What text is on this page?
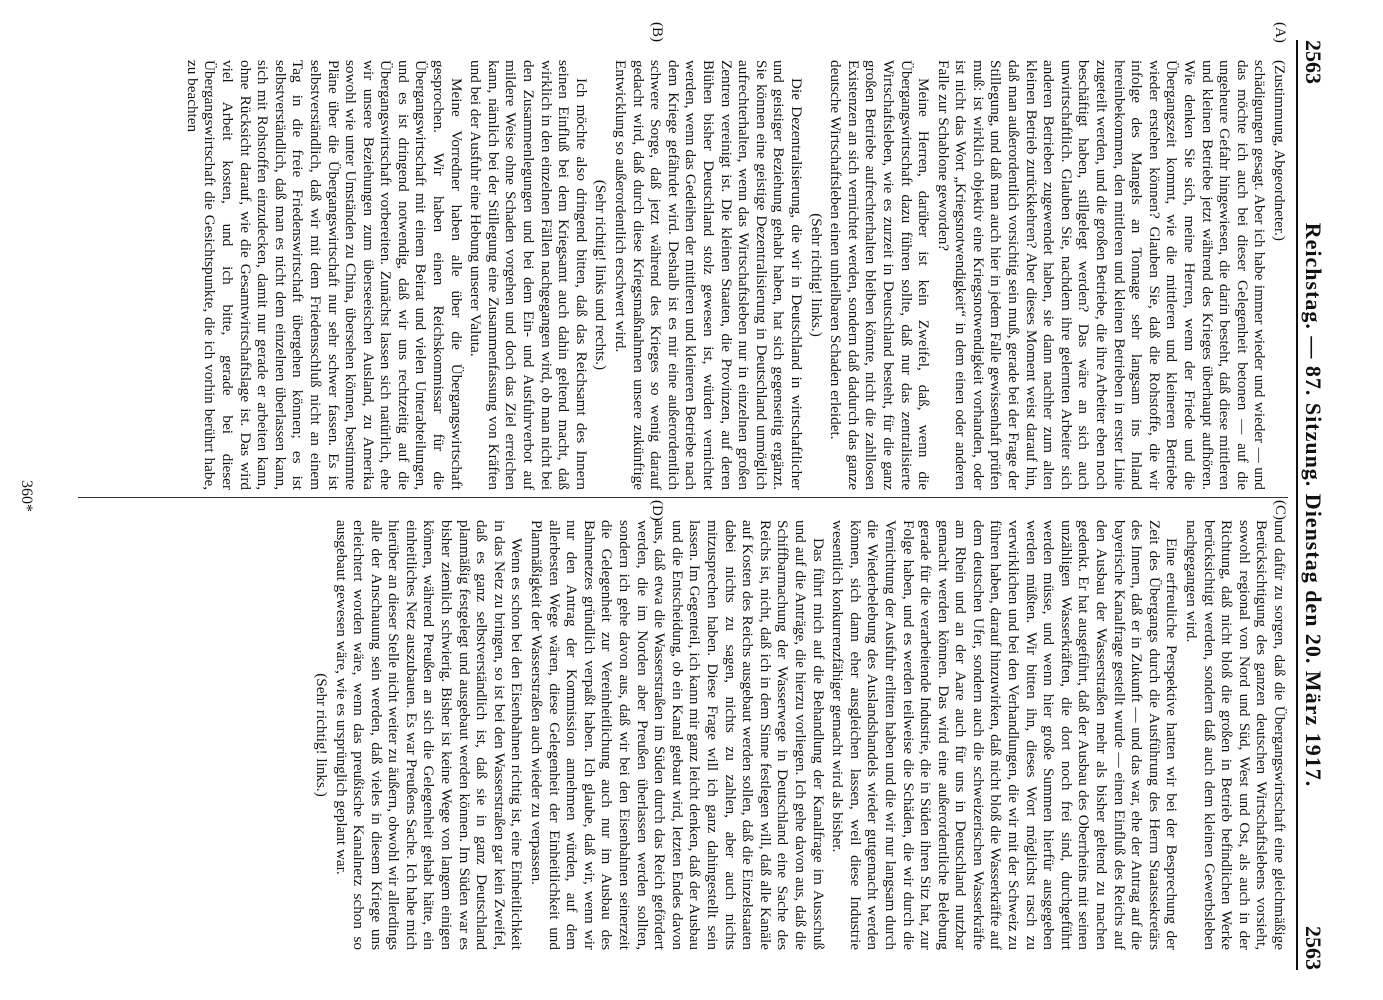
2563
Reichstag. — 87. Sitzung. Dienstag den 20. März 1917.
2563
(A)
(B)
(C)
(D)

(Zustimmung, Abgeordneter.)

schädigungen gesagt. Aber ich habe immer wieder und wieder — und das möchte ich auch bei dieser Gelegenheit betonen — auf die ungeheure Gefahr hingewiesen, die darin besteht, daß diese mittleren und kleinen Betriebe jetzt während des Krieges überhaupt aufhören. Wie denken Sie sich, meine Herren, wenn der Friede und die Übergangszeit kommt, wie die mittleren und kleineren Betriebe wieder erstehen können? Glauben Sie, daß die Rohstoffe, die wir infolge des Mangels an Tonnage sehr langsam ins Inland hereinbekommen, den mittleren und kleinen Betrieben in erster Linie zugeteilt werden, und die großen Betriebe, die ihre Arbeiter eben noch beschäftigt haben, stillgelegt werden? Das wäre an sich auch unwirtschaftlich. Glauben Sie, nachdem ihre gelernten Arbeiter sich anderen Betrieben zugewendet haben, sie dann nachher zum alten kleinen Betrieb zurückkehren? Aber dieses Moment weist darauf hin, daß man außerordentlich vorsichtig sein muß, gerade bei der Frage der Stillegung, und daß man auch hier in jedem Falle gewissenhaft prüfen muß: ist wirklich objektiv eine Kriegsnotwendigkeit vorhanden, oder ist nicht das Wort „Kriegsnotwendigkeit“ in dem einen oder anderen Falle zur Schablone geworden?

Meine Herren, darüber ist kein Zweifel, daß, wenn die Übergangswirtschaft dazu führen sollte, daß nur das zentralisierte Wirtschaftsleben, wie es zurzeit in Deutschland besteht, für die ganz großen Betriebe aufrechterhalten bleiben könnte, nicht die zahllosen Existenzen an sich vernichtet werden, sondern daß dadurch das ganze deutsche Wirtschaftsleben einen unheilbaren Schaden erleidet.

(Sehr richtig! links.)

Die Dezentralisierung, die wir in Deutschland in wirtschaftlicher und geistiger Beziehung gehabt haben, hat sich gegenseitig ergänzt. Sie können eine geistige Dezentralisierung in Deutschland unmöglich aufrechterhalten, wenn das Wirtschaftsleben nur in einzelnen großen Zentren vereinigt ist. Die kleinen Staaten, die Provinzen, auf deren Blühen bisher Deutschland stolz gewesen ist, würden vernichtet werden, wenn das Gedeihen der mittleren und kleineren Betriebe nach dem Kriege gefährdet wird. Deshalb ist es mir eine außerordentlich schwere Sorge, daß jetzt während des Krieges so wenig darauf gedacht wird, daß durch diese Kriegsmaßnahmen unsere zukünftige Entwicklung so außerordentlich erschwert wird.

(Sehr richtig! links und rechts.)

Ich möchte also dringend bitten, daß das Reichsamt des Innern seinen Einfluß bei dem Kriegsamt auch dahin geltend macht, daß wirklich in den einzelnen Fällen nachgegangen wird, ob man nicht bei den Zusammenlegungen und bei dem Ein- und Ausfuhrverbot auf mildere Weise ohne Schaden vorgehen und doch das Ziel erreichen kann, nämlich bei der Stillegung eine Zusammenfassung von Kräften und bei der Ausfuhr eine Hebung unserer Valuta.

Meine Vorredner haben alle über die Übergangswirtschaft gesprochen. Wir haben einen Reichskommissar für die Übergangswirtschaft mit einem Beirat und vielen Unterabteilungen, und es ist dringend notwendig, daß wir uns rechtzeitig auf die Übergangswirtschaft vorbereiten. Zunächst lassen sich natürlich, ehe wir unsere Beziehungen zum überseeischen Ausland, zu Amerika sowohl wie unter Umständen zu China, übersehen können, bestimmte Pläne über die Übergangswirtschaft nur sehr schwer fassen. Es ist selbstverständlich, daß wir mit dem Friedensschluß nicht an einem Tag in die freie Friedenswirtschaft übergehen können; es ist selbstverständlich, daß man es nicht dem einzelnen überlassen kann, sich mit Rohstoffen einzudecken, damit nur gerade er arbeiten kann, ohne Rücksicht darauf, wie die Gesamtwirtschaftslage ist. Das wird viel Arbeit kosten, und ich bitte, gerade bei dieser Übergangswirtschaft die Gesichtspunkte, die ich vorhin berührt habe, zu beachten

und dafür zu sorgen, daß die Übergangswirtschaft eine gleichmäßige Berücksichtigung des ganzen deutschen Wirtschaftslebens vorsieht, sowohl regional von Nord und Süd, West und Ost, als auch in der Richtung, daß nicht bloß die großen in Betrieb befindlichen Werke berücksichtigt werden, sondern daß auch dem kleinen Gewerbsleben nachgegangen wird.

Eine erfreuliche Perspektive hatten wir bei der Besprechung der Zeit des Übergangs durch die Ausführung des Herrn Staatssekretärs des Innern, daß er in Zukunft — und das war, ehe der Antrag auf die bayerische Kanalfrage gestellt wurde — einen Einfluß des Reichs auf den Ausbau der Wasserstraßen mehr als bisher geltend zu machen gedenkt. Er hat ausgeführt, daß der Ausbau des Oberrheins mit seinen unzähligen Wasserkräften, die dort noch frei sind, durchgeführt werden müsse, und wenn hier große Summen hierfür ausgegeben werden müßten. Wir bitten ihn, dieses Wort möglichst rasch zu verwirklichen und bei den Verhandlungen, die wir mit der Schweiz zu führen haben, darauf hinzuwirken, daß nicht bloß die Wasserkräfte auf dem deutschen Ufer, sondern auch die schweizerischen Wasserkräfte am Rhein und an der Aare auch für uns in Deutschland nutzbar gemacht werden können. Das wird eine außerordentliche Belebung gerade für die verarbeitende Industrie, die in Süden ihren Sitz hat, zur Folge haben, und es werden teilweise die Schäden, die wir durch die Vernichtung der Ausfuhr erlitten haben und die wir nur langsam durch die Wiederbelebung des Auslandshandels wieder gutgemacht werden können, sich dann eher ausgleichen lassen, weil diese Industrie wesentlich konkurrenzfähiger gemacht wird als bisher.

Das führt mich auf die Behandlung der Kanalfrage im Ausschuß und auf die Anträge, die hierzu vorliegen. Ich gehe davon aus, daß die Schiffbarmachung der Wasserwege in Deutschland eine Sache des Reichs ist, nicht, daß ich in dem Sinne festlegen will, daß alle Kanäle auf Kosten des Reichs ausgebaut werden sollen, daß die Einzelstaaten dabei nichts zu sagen, nichts zu zahlen, aber auch nichts mitzusprechen haben. Diese Frage will ich ganz dahingestellt sein lassen. Im Gegenteil, ich kann mir ganz leicht denken, daß der Ausbau und die Entscheidung, ob ein Kanal gebaut wird, letzten Endes davon aus, daß etwa die Wasserstraßen im Süden durch das Reich gefördert werden, die im Norden aber Preußen überlassen werden sollten, sondern ich gehe davon aus, daß wir bei den Eisenbahnen seinerzeit die Gelegenheit zur Vereinheitlichung auch nur im Ausbau des Bahnnetzes gründlich verpaßt haben. Ich glaube, daß wir, wenn wir nur den Antrag der Kommission annehmen würden, auf dem allerbesten Wege wären, diese Gelegenheit der Einheitlichkeit und Planmäßigkeit der Wasserstraßen auch wieder zu verpassen.

Wenn es schon bei den Eisenbahnen richtig ist, eine Einheitlichkeit in das Netz zu bringen, so ist bei den Wasserstraßen gar kein Zweifel, daß es ganz selbstverständlich ist, daß sie in ganz Deutschland planmäßig festgelegt und ausgebaut werden können. Im Süden war es bisher ziemlich schwierig. Bisher ist keine Wege von langem einigen können, während Preußen an sich die Gelegenheit gehabt hätte, ein einheitliches Netz auszubauen. Es war Preußens Sache. Ich habe mich hierüber an dieser Stelle nicht weiter zu äußern, obwohl wir allerdings alle der Anschauung sein werden, daß vieles in diesem Kriege uns erleichtert worden wäre, wenn das preußische Kanalnetz schon so ausgebaut gewesen wäre, wie es ursprünglich geplant war.

(Sehr richtig! links.)

360*
